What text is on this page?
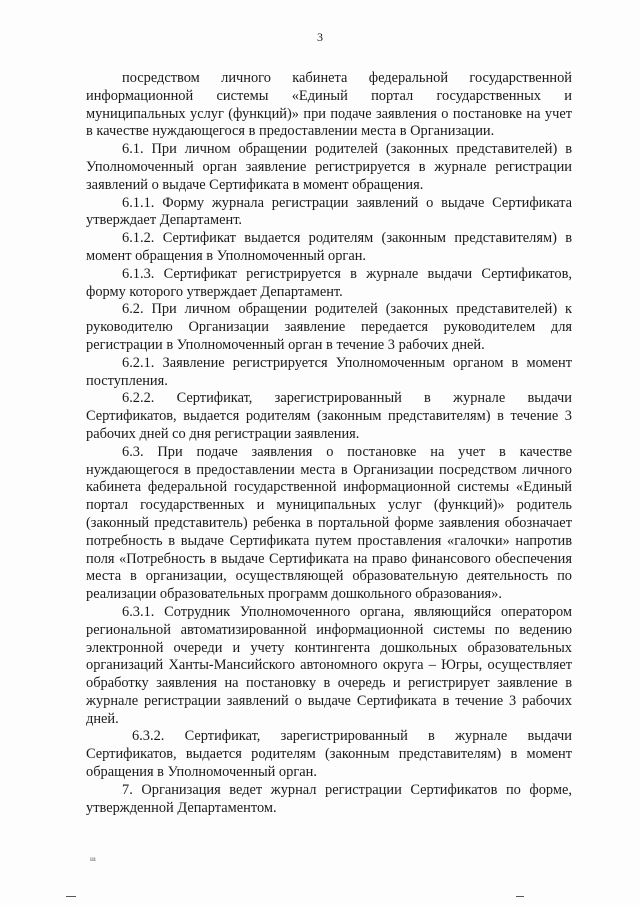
3

посредством личного кабинета федеральной государственной информационной системы «Единый портал государственных и муниципальных услуг (функций)» при подаче заявления о постановке на учет в качестве нуждающегося в предоставлении места в Организации.

6.1. При личном обращении родителей (законных представителей) в Уполномоченный орган заявление регистрируется в журнале регистрации заявлений о выдаче Сертификата в момент обращения.

6.1.1. Форму журнала регистрации заявлений о выдаче Сертификата утверждает Департамент.

6.1.2. Сертификат выдается родителям (законным представителям) в момент обращения в Уполномоченный орган.

6.1.3. Сертификат регистрируется в журнале выдачи Сертификатов, форму которого утверждает Департамент.

6.2. При личном обращении родителей (законных представителей) к руководителю Организации заявление передается руководителем для регистрации в Уполномоченный орган в течение 3 рабочих дней.

6.2.1. Заявление регистрируется Уполномоченным органом в момент поступления.

6.2.2. Сертификат, зарегистрированный в журнале выдачи Сертификатов, выдается родителям (законным представителям) в течение 3 рабочих дней со дня регистрации заявления.

6.3. При подаче заявления о постановке на учет в качестве нуждающегося в предоставлении места в Организации посредством личного кабинета федеральной государственной информационной системы «Единый портал государственных и муниципальных услуг (функций)» родитель (законный представитель) ребенка в портальной форме заявления обозначает потребность в выдаче Сертификата путем проставления «галочки» напротив поля «Потребность в выдаче Сертификата на право финансового обеспечения места в организации, осуществляющей образовательную деятельность по реализации образовательных программ дошкольного образования».

6.3.1. Сотрудник Уполномоченного органа, являющийся оператором региональной автоматизированной информационной системы по ведению электронной очереди и учету контингента дошкольных образовательных организаций Ханты-Мансийского автономного округа – Югры, осуществляет обработку заявления на постановку в очередь и регистрирует заявление в журнале регистрации заявлений о выдаче Сертификата в течение 3 рабочих дней.

6.3.2. Сертификат, зарегистрированный в журнале выдачи Сертификатов, выдается родителям (законным представителям) в момент обращения в Уполномоченный орган.

7. Организация ведет журнал регистрации Сертификатов по форме, утвержденной Департаментом.

ııı
